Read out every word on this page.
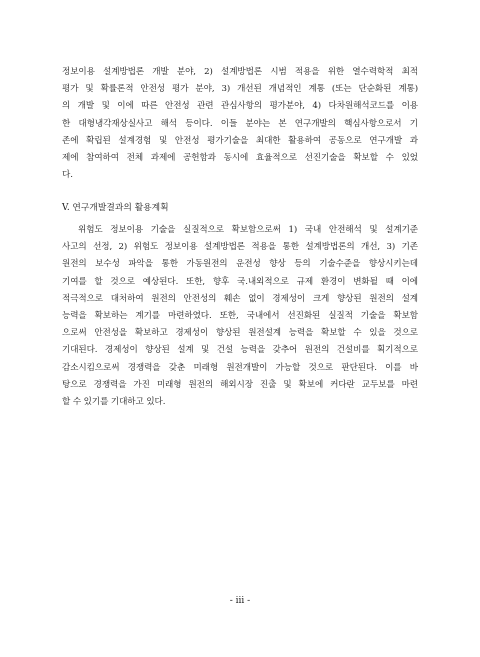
정보이용 설계방법론 개발 분야, 2) 설계방법론 시범 적용을 위한 열수력학적 최적
평가 및 확률론적 안전성 평가 분야, 3) 개선된 개념적인 계통 (또는 단순화된 계통)
의 개발 및 이에 따른 안전성 관련 관심사항의 평가분야, 4) 다차원해석코드를 이용
한 대형냉각재상실사고 해석 등이다. 이들 분야는 본 연구개발의 핵심사항으로서 기
존에 확립된 설계경험 및 안전성 평가기술을 최대한 활용하여 공동으로 연구개발 과
제에 참여하여 전체 과제에 공헌함과 동시에 효율적으로 선진기술을 확보할 수 있었
다.

V. 연구개발결과의 활용계획

위험도 정보이용 기술을 실질적으로 확보함으로써 1) 국내 안전해석 및 설계기준
사고의 선정, 2) 위험도 정보이용 설계방법론 적용을 통한 설계방법론의 개선, 3) 기존
원전의 보수성 파악을 통한 가동원전의 운전성 향상 등의 기술수준을 향상시키는데
기여를 할 것으로 예상된다. 또한, 향후 국.내외적으로 규제 환경이 변화될 때 이에
적극적으로 대처하여 원전의 안전성의 훼손 없이 경제성이 크게 향상된 원전의 설계
능력을 확보하는 계기를 마련하였다. 또한, 국내에서 선진화된 실질적 기술을 확보함
으로써 안전성을 확보하고 경제성이 향상된 원전설계 능력을 확보할 수 있을 것으로
기대된다. 경제성이 향상된 설계 및 건설 능력을 갖추어 원전의 건설비를 획기적으로
감소시킴으로써 경쟁력을 갖춘 미래형 원전개발이 가능할 것으로 판단된다. 이를 바
탕으로 경쟁력을 가진 미래형 원전의 해외시장 진출 및 확보에 커다란 교두보를 마련
할 수 있기를 기대하고 있다.

- iii -
